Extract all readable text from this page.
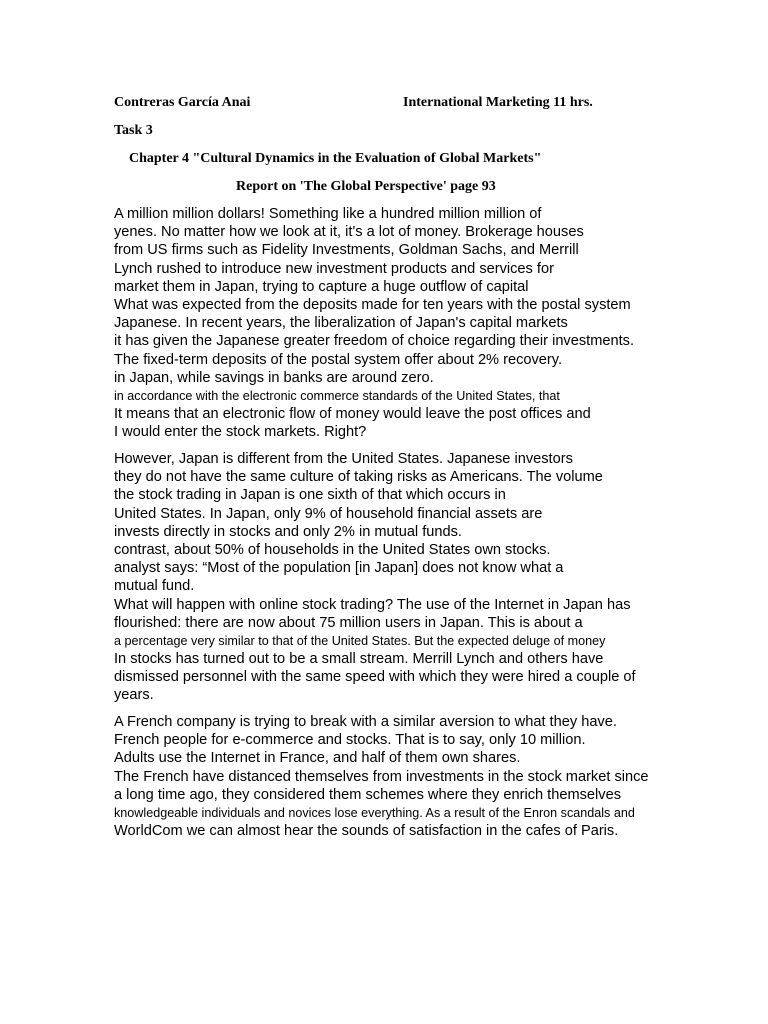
Contreras García Anai	International Marketing 11 hrs.
Task 3
Chapter 4 "Cultural Dynamics in the Evaluation of Global Markets"
Report on 'The Global Perspective' page 93
A million million dollars! Something like a hundred million million of
yenes. No matter how we look at it, it's a lot of money. Brokerage houses
from US firms such as Fidelity Investments, Goldman Sachs, and Merrill
Lynch rushed to introduce new investment products and services for
market them in Japan, trying to capture a huge outflow of capital
What was expected from the deposits made for ten years with the postal system
Japanese. In recent years, the liberalization of Japan's capital markets
it has given the Japanese greater freedom of choice regarding their investments.
The fixed-term deposits of the postal system offer about 2% recovery.
in Japan, while savings in banks are around zero.
in accordance with the electronic commerce standards of the United States, that
It means that an electronic flow of money would leave the post offices and
I would enter the stock markets. Right?
However, Japan is different from the United States. Japanese investors
they do not have the same culture of taking risks as Americans. The volume
the stock trading in Japan is one sixth of that which occurs in
United States. In Japan, only 9% of household financial assets are
invests directly in stocks and only 2% in mutual funds.
contrast, about 50% of households in the United States own stocks.
analyst says: “Most of the population [in Japan] does not know what a
mutual fund.
What will happen with online stock trading? The use of the Internet in Japan has
flourished: there are now about 75 million users in Japan. This is about a
a percentage very similar to that of the United States. But the expected deluge of money
In stocks has turned out to be a small stream. Merrill Lynch and others have
dismissed personnel with the same speed with which they were hired a couple of
years.
A French company is trying to break with a similar aversion to what they have.
French people for e-commerce and stocks. That is to say, only 10 million.
Adults use the Internet in France, and half of them own shares.
The French have distanced themselves from investments in the stock market since
a long time ago, they considered them schemes where they enrich themselves
knowledgeable individuals and novices lose everything. As a result of the Enron scandals and
WorldCom we can almost hear the sounds of satisfaction in the cafes of Paris.
